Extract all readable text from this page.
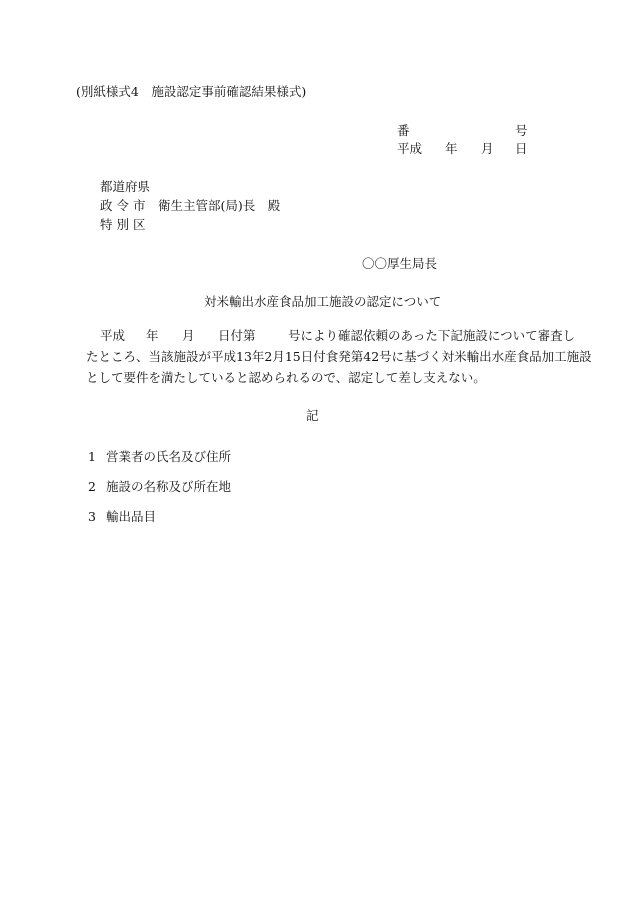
(別紙様式4　施設認定事前確認結果様式)
番	号
平成 年 月 日
都道府県
政 令 市　衛生主管部(局)長　殿
特 別 区
〇〇厚生局長
対米輸出水産食品加工施設の認定について
平成 年 月 日付第	号により確認依頼のあった下記施設について審査し
たところ、当該施設が平成13年2月15日付食発第42号に基づく対米輸出水産食品加工施設
として要件を満たしていると認められるので、認定して差し支えない。
記
1 営業者の氏名及び住所
2 施設の名称及び所在地
3 輸出品目
